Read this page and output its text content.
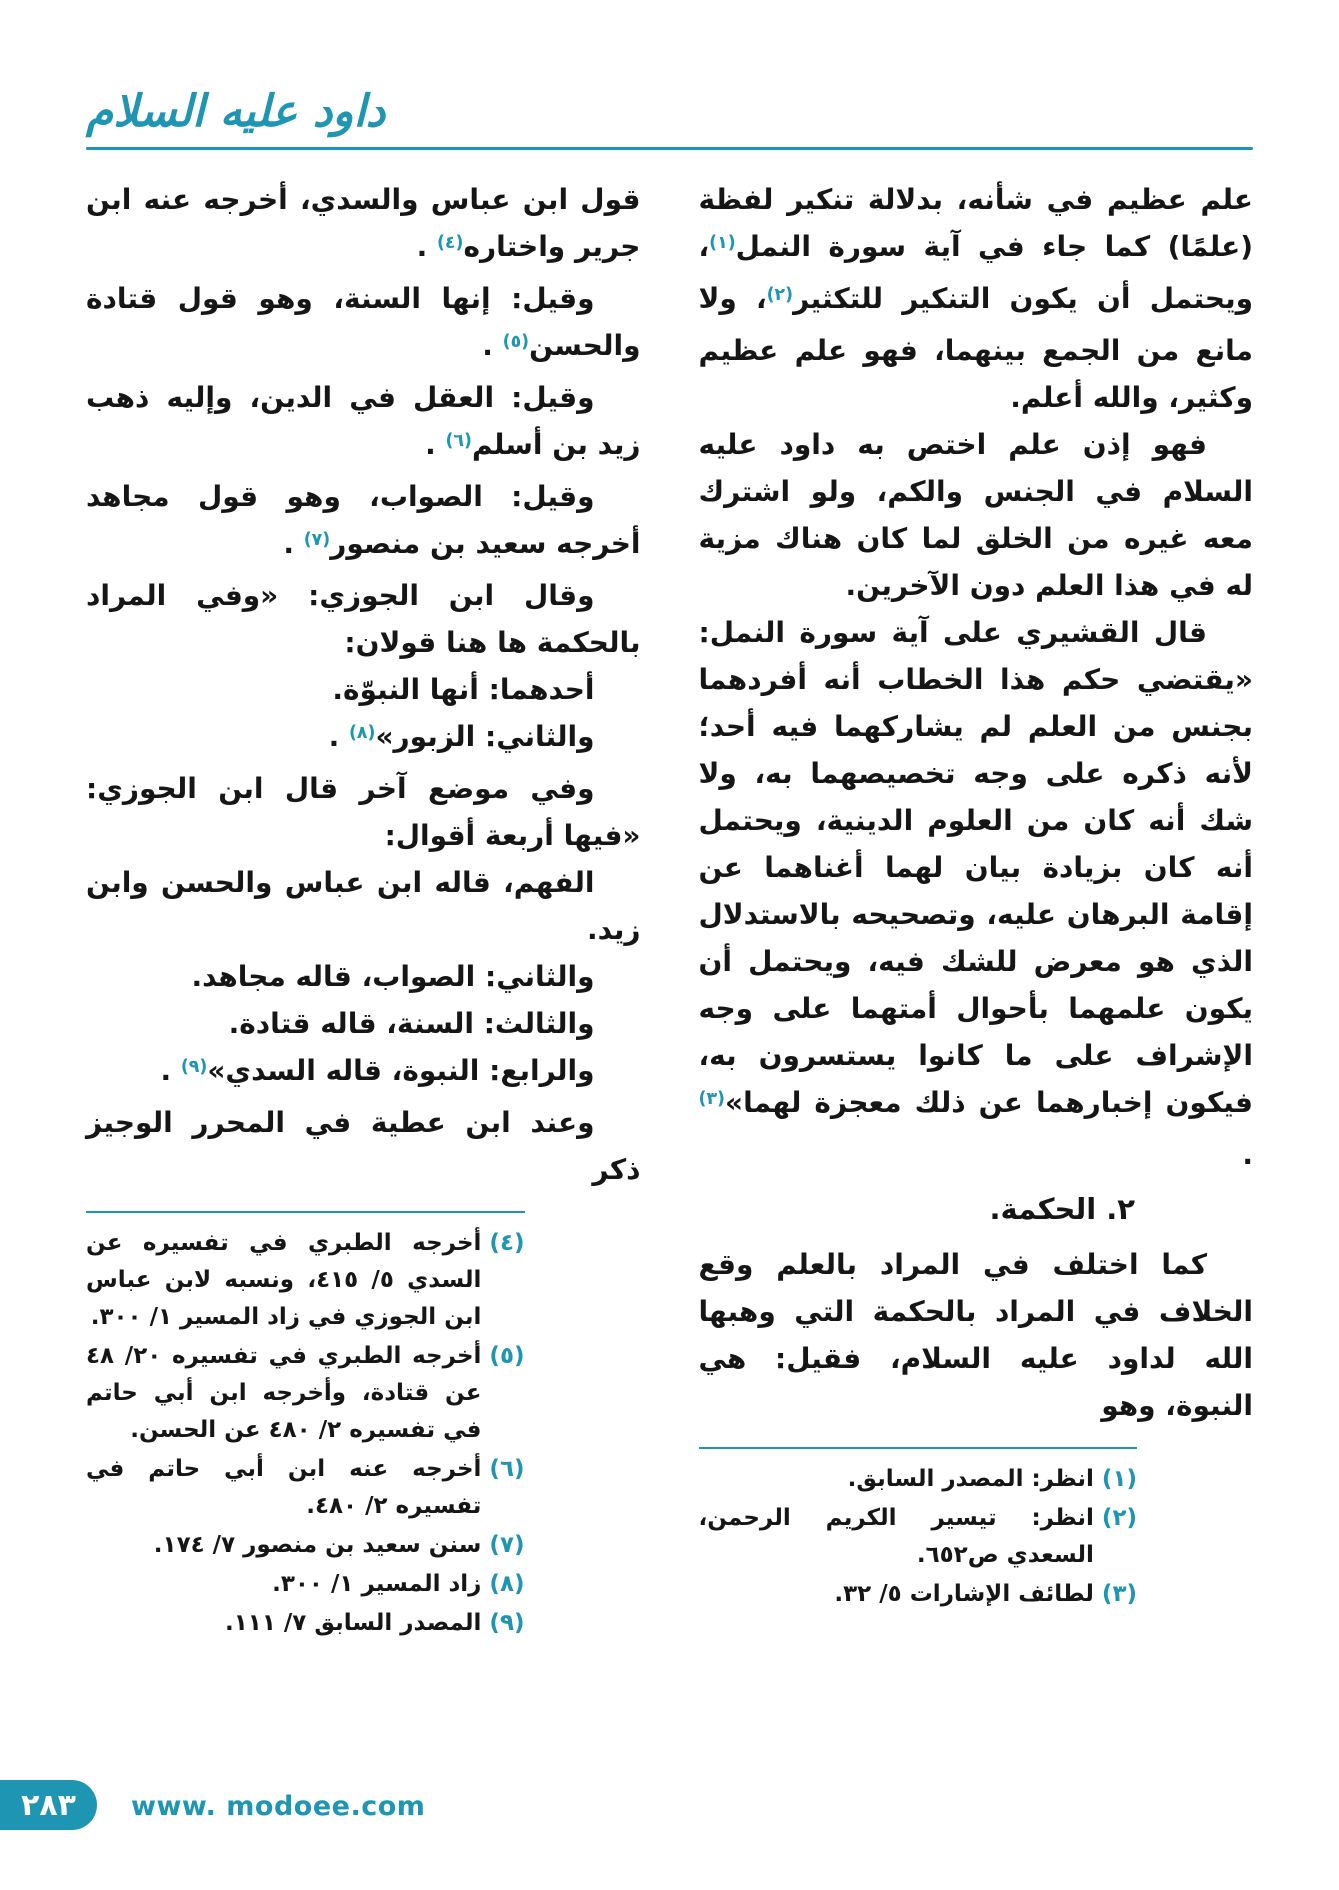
داود عليه السلام

علم عظيم في شأنه، بدلالة تنكير لفظة (علمًا) كما جاء في آية سورة النمل$^{(١)}$، ويحتمل أن يكون التنكير للتكثير$^{(٢)}$، ولا مانع من الجمع بينهما، فهو علم عظيم وكثير، والله أعلم.

فهو إذن علم اختص به داود عليه السلام في الجنس والكم، ولو اشترك معه غيره من الخلق لما كان هناك مزية له في هذا العلم دون الآخرين.

قال القشيري على آية سورة النمل: «يقتضي حكم هذا الخطاب أنه أفردهما بجنس من العلم لم يشاركهما فيه أحد؛ لأنه ذكره على وجه تخصيصهما به، ولا شك أنه كان من العلوم الدينية، ويحتمل أنه كان بزيادة بيان لهما أغناهما عن إقامة البرهان عليه، وتصحيحه بالاستدلال الذي هو معرض للشك فيه، ويحتمل أن يكون علمهما بأحوال أمتهما على وجه الإشراف على ما كانوا يستسرون به، فيكون إخبارهما عن ذلك معجزة لهما»$^{(٣)}$ .

٢. الحكمة.

كما اختلف في المراد بالعلم وقع الخلاف في المراد بالحكمة التي وهبها الله لداود عليه السلام، فقيل: هي النبوة، وهو

(١)
انظر: المصدر السابق.
(٢)
انظر: تيسير الكريم الرحمن، السعدي ص٦٥٢.
(٣)
لطائف الإشارات ٥/ ٣٢.

قول ابن عباس والسدي، أخرجه عنه ابن جرير واختاره$^{(٤)}$ .

وقيل: إنها السنة، وهو قول قتادة والحسن$^{(٥)}$ .

وقيل: العقل في الدين، وإليه ذهب زيد بن أسلم$^{(٦)}$ .

وقيل: الصواب، وهو قول مجاهد أخرجه سعيد بن منصور$^{(٧)}$ .

وقال ابن الجوزي: «وفي المراد بالحكمة ها هنا قولان:

أحدهما: أنها النبوّة.

والثاني: الزبور»$^{(٨)}$ .

وفي موضع آخر قال ابن الجوزي: «فيها أربعة أقوال:

الفهم، قاله ابن عباس والحسن وابن زيد.

والثاني: الصواب، قاله مجاهد.

والثالث: السنة، قاله قتادة.

والرابع: النبوة، قاله السدي»$^{(٩)}$ .

وعند ابن عطية في المحرر الوجيز ذكر

(٤)
أخرجه الطبري في تفسيره عن السدي ٥/ ٤١٥، ونسبه لابن عباس ابن الجوزي في زاد المسير ١/ ٣٠٠.
(٥)
أخرجه الطبري في تفسيره ٢٠/ ٤٨ عن قتادة، وأخرجه ابن أبي حاتم في تفسيره ٢/ ٤٨٠ عن الحسن.
(٦)
أخرجه عنه ابن أبي حاتم في تفسيره ٢/ ٤٨٠.
(٧)
سنن سعيد بن منصور ٧/ ١٧٤.
(٨)
زاد المسير ١/ ٣٠٠.
(٩)
المصدر السابق ٧/ ١١١.
٢٨٣ www. modoee.com
